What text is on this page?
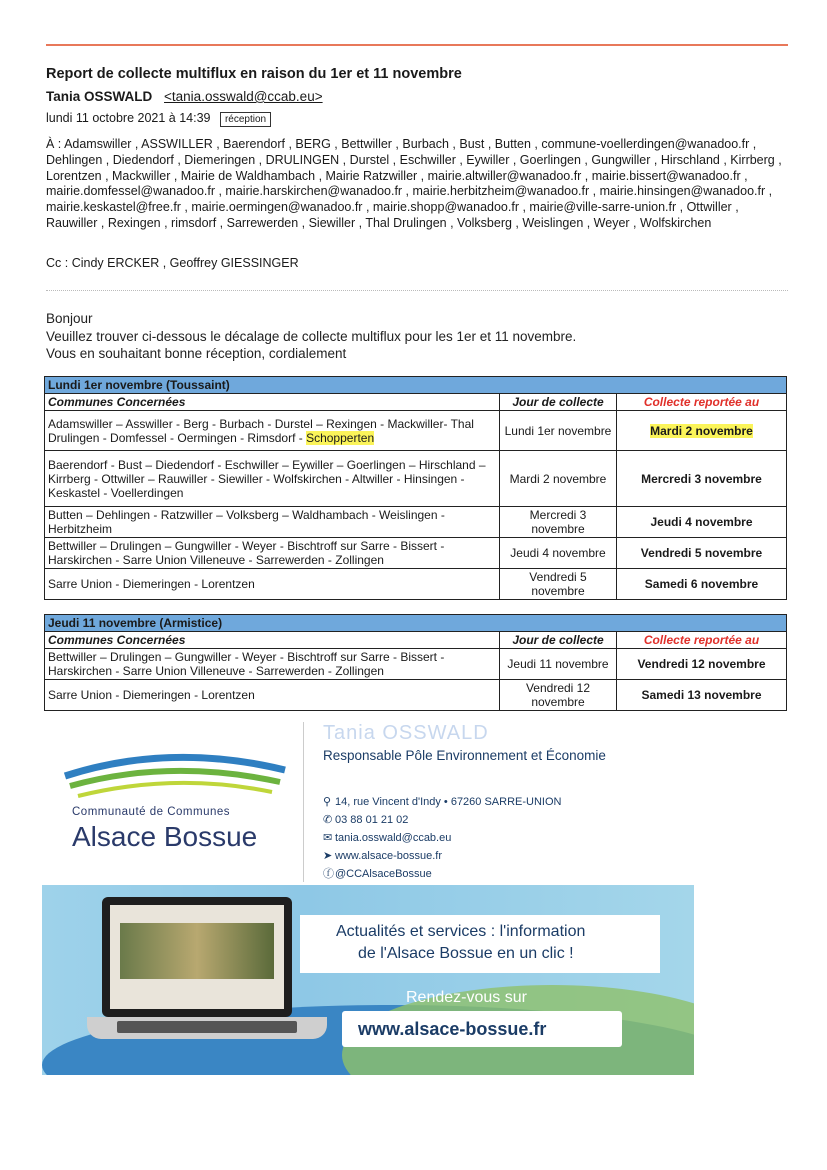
Report de collecte multiflux en raison du 1er et 11 novembre
Tania OSSWALD <tania.osswald@ccab.eu>
lundi 11 octobre 2021 à 14:39 réception
À : Adamswiller , ASSWILLER , Baerendorf , BERG , Bettwiller , Burbach , Bust , Butten , commune-voellerdingen@wanadoo.fr , Dehlingen , Diedendorf , Diemeringen , DRULINGEN , Durstel , Eschwiller , Eywiller , Goerlingen , Gungwiller , Hirschland , Kirrberg , Lorentzen , Mackwiller , Mairie de Waldhambach , Mairie Ratzwiller , mairie.altwiller@wanadoo.fr , mairie.bissert@wanadoo.fr , mairie.domfessel@wanadoo.fr , mairie.harskirchen@wanadoo.fr , mairie.herbitzheim@wanadoo.fr , mairie.hinsingen@wanadoo.fr , mairie.keskastel@free.fr , mairie.oermingen@wanadoo.fr , mairie.shopp@wanadoo.fr , mairie@ville-sarre-union.fr , Ottwiller , Rauwiller , Rexingen , rimsdorf , Sarrewerden , Siewiller , Thal Drulingen , Volksberg , Weislingen , Weyer , Wolfskirchen
Cc : Cindy ERCKER , Geoffrey GIESSINGER
Bonjour
Veuillez trouver ci-dessous le décalage de collecte multiflux pour les 1er et 11 novembre.
Vous en souhaitant bonne réception, cordialement
Lundi 1er novembre (Toussaint)		
Communes Concernées	Jour de collecte	Collecte reportée au
Adamswiller – Asswiller - Berg - Burbach - Durstel – Rexingen - Mackwiller- Thal Drulingen - Domfessel - Oermingen - Rimsdorf - Schopperten	Lundi 1er novembre	Mardi 2 novembre
Baerendorf - Bust – Diedendorf - Eschwiller – Eywiller – Goerlingen – Hirschland – Kirrberg - Ottwiller – Rauwiller - Siewiller - Wolfskirchen - Altwiller - Hinsingen - Keskastel - Voellerdingen	Mardi 2 novembre	Mercredi 3 novembre
Butten – Dehlingen - Ratzwiller – Volksberg – Waldhambach - Weislingen - Herbitzheim	Mercredi 3 novembre	Jeudi 4 novembre
Bettwiller – Drulingen – Gungwiller - Weyer - Bischtroff sur Sarre - Bissert - Harskirchen - Sarre Union Villeneuve - Sarrewerden - Zollingen	Jeudi 4 novembre	Vendredi 5 novembre
Sarre Union - Diemeringen - Lorentzen	Vendredi 5 novembre	Samedi 6 novembre
Jeudi 11 novembre (Armistice)		
Communes Concernées	Jour de collecte	Collecte reportée au
Bettwiller – Drulingen – Gungwiller - Weyer - Bischtroff sur Sarre - Bissert - Harskirchen - Sarre Union Villeneuve - Sarrewerden - Zollingen	Jeudi 11 novembre	Vendredi 12 novembre
Sarre Union - Diemeringen - Lorentzen	Vendredi 12 novembre	Samedi 13 novembre
Communauté de Communes
Alsace Bossue
Tania OSSWALD
Responsable Pôle Environnement et Économie
⚲ 14, rue Vincent d'Indy • 67260 SARRE-UNION
✆ 03 88 01 21 02
✉ tania.osswald@ccab.eu
➤ www.alsace-bossue.fr
ⓕ@CCAlsaceBossue
Actualités et services : l'information
de l'Alsace Bossue en un clic !
Rendez-vous sur
www.alsace-bossue.fr
